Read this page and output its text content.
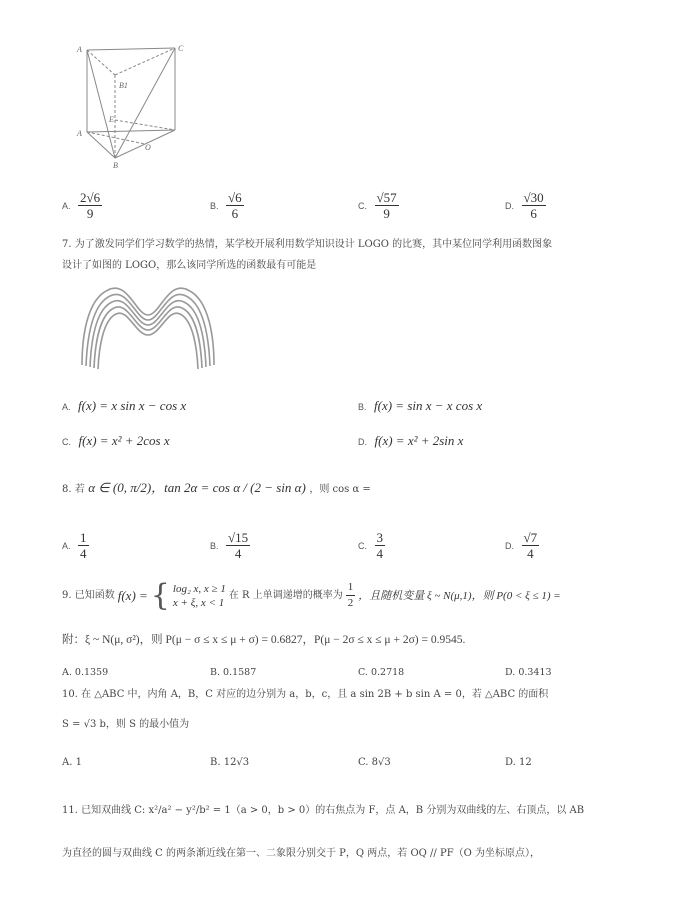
A	C
B1
E
A
B
O
A. $\frac{2√6}{9}$	B. $\frac{√6}{6}$	C. $\frac{√57}{9}$	D. $\frac{√30}{6}$
7. 为了激发同学们学习数学的热情，某学校开展利用数学知识设计 LOGO 的比赛，其中某位同学利用函数图象
设计了如图的 LOGO，那么该同学所选的函数最有可能是
A. f(x) = x sin x − cos x	B. f(x) = sin x − x cos x
C. f(x) = x² + 2cos x	D. f(x) = x² + 2sin x
8. 若 α ∈ (0, π/2)，tan 2α = cos α / (2 − sin α) ，则 cos α =
A. $\frac{1}{4}$	B. $\frac{√15}{4}$	C. $\frac{3}{4}$	D. $\frac{√7}{4}$
9. 已知函数 f(x) = { log₂ x, x ≥ 1
x + ξ, x < 1
在 R 上单调递增的概率为 $\frac{1}{2}$ ，且随机变量 ξ ~ N(μ,1)，则 P(0 < ξ ≤ 1) =
附：ξ ~ N(μ, σ²)，则 P(μ − σ ≤ x ≤ μ + σ) = 0.6827，P(μ − 2σ ≤ x ≤ μ + 2σ) = 0.9545.
A. 0.1359	B. 0.1587	C. 0.2718	D. 0.3413
10. 在 △ABC 中，内角 A，B，C 对应的边分别为 a，b，c，且 a sin 2B + b sin A = 0，若 △ABC 的面积
S = √3 b，则 S 的最小值为
A. 1	B. 12√3	C. 8√3	D. 12
11. 已知双曲线 C: x²/a² − y²/b² = 1（a > 0，b > 0）的右焦点为 F，点 A，B 分别为双曲线的左、右顶点，以 AB
为直径的圆与双曲线 C 的两条渐近线在第一、二象限分别交于 P，Q 两点，若 OQ // PF（O 为坐标原点），
